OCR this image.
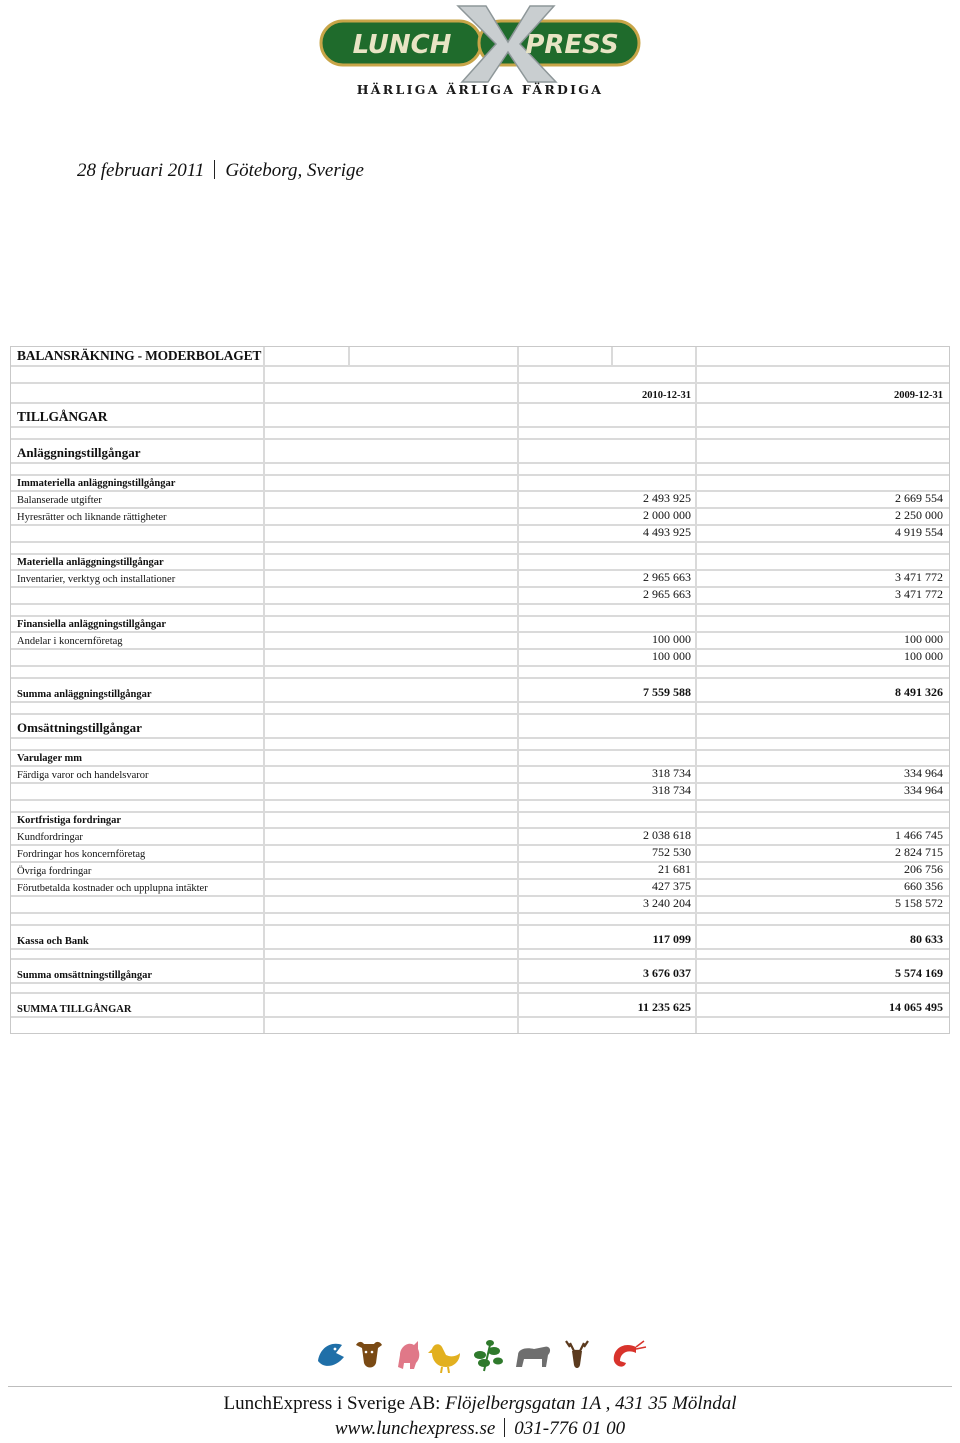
LUNCH	PRESS
HÄRLIGA ÄRLIGA FÄRDIGA
28 februari 2011 Göteborg, Sverige
BALANSRÄKNING - MODERBOLAGET
2010-12-31	2009-12-31
TILLGÅNGAR
Anläggningstillgångar
Immateriella anläggningstillgångar
Balanserade utgifter	2 493 925	2 669 554
Hyresrätter och liknande rättigheter	2 000 000	2 250 000
4 493 925	4 919 554
Materiella anläggningstillgångar
Inventarier, verktyg och installationer	2 965 663	3 471 772
2 965 663	3 471 772
Finansiella anläggningstillgångar
Andelar i koncernföretag	100 000	100 000
100 000	100 000
Summa anläggningstillgångar	7 559 588	8 491 326
Omsättningstillgångar
Varulager mm
Färdiga varor och handelsvaror	318 734	334 964
318 734	334 964
Kortfristiga fordringar
Kundfordringar	2 038 618	1 466 745
Fordringar hos koncernföretag	752 530	2 824 715
Övriga fordringar	21 681	206 756
Förutbetalda kostnader och upplupna intäkter	427 375	660 356
3 240 204	5 158 572
Kassa och Bank	117 099	80 633
Summa omsättningstillgångar	3 676 037	5 574 169
SUMMA TILLGÅNGAR	11 235 625	14 065 495
LunchExpress i Sverige AB: Flöjelbergsgatan 1A , 431 35 Mölndal
www.lunchexpress.se 031-776 01 00
